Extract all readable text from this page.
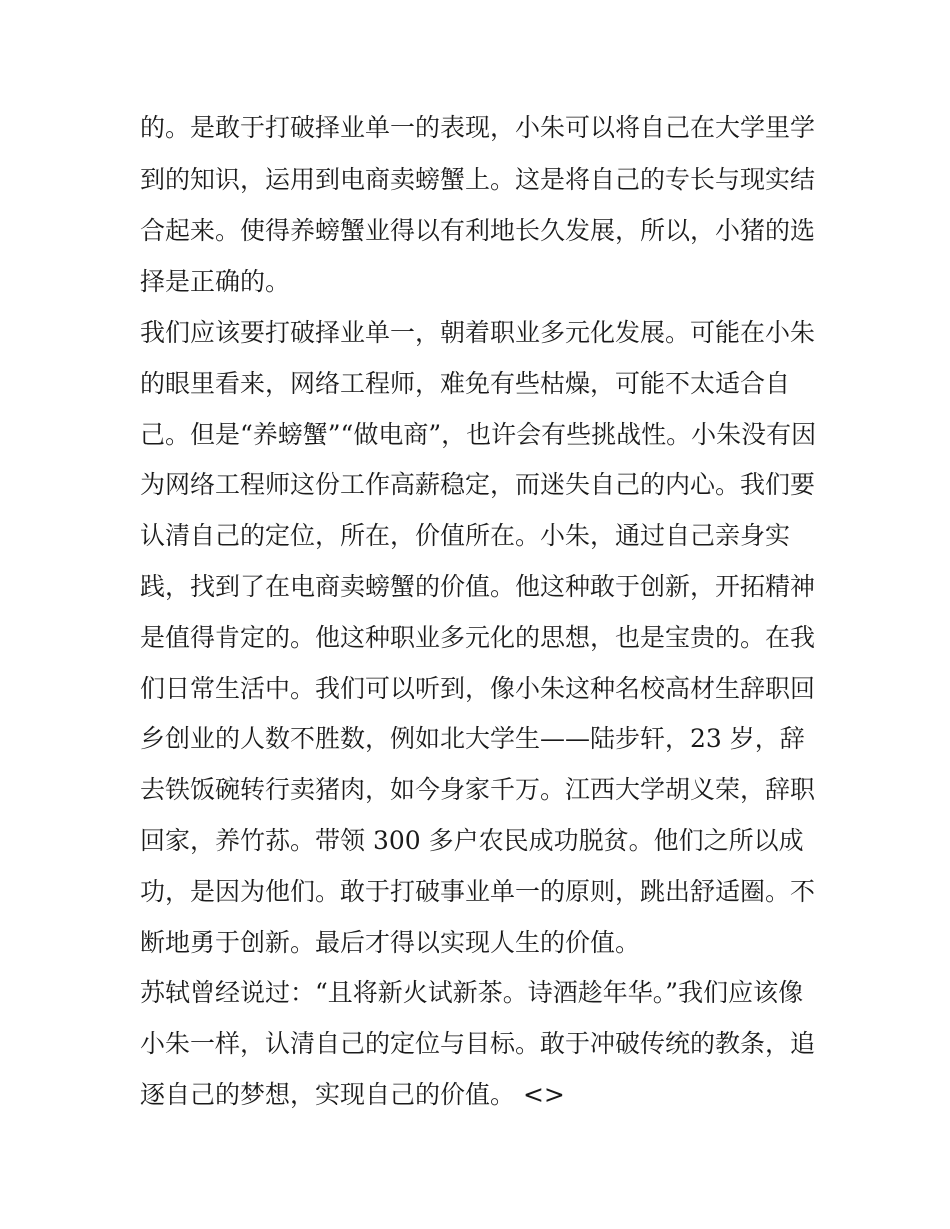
的。是敢于打破择业单一的表现，小朱可以将自己在大学里学

到的知识，运用到电商卖螃蟹上。这是将自己的专长与现实结

合起来。使得养螃蟹业得以有利地长久发展，所以，小猪的选

择是正确的。

我们应该要打破择业单一，朝着职业多元化发展。可能在小朱

的眼里看来，网络工程师，难免有些枯燥，可能不太适合自

己。但是“养螃蟹”“做电商”，也许会有些挑战性。小朱没有因

为网络工程师这份工作高薪稳定，而迷失自己的内心。我们要

认清自己的定位，所在，价值所在。小朱，通过自己亲身实

践，找到了在电商卖螃蟹的价值。他这种敢于创新，开拓精神

是值得肯定的。他这种职业多元化的思想，也是宝贵的。在我

们日常生活中。我们可以听到，像小朱这种名校高材生辞职回

乡创业的人数不胜数，例如北大学生——陆步轩，23 岁，辞

去铁饭碗转行卖猪肉，如今身家千万。江西大学胡义荣，辞职

回家，养竹荪。带领 300 多户农民成功脱贫。他们之所以成

功，是因为他们。敢于打破事业单一的原则，跳出舒适圈。不

断地勇于创新。最后才得以实现人生的价值。

苏轼曾经说过：“且将新火试新茶。诗酒趁年华。”我们应该像

小朱一样，认清自己的定位与目标。敢于冲破传统的教条，追

逐自己的梦想，实现自己的价值。 <>
